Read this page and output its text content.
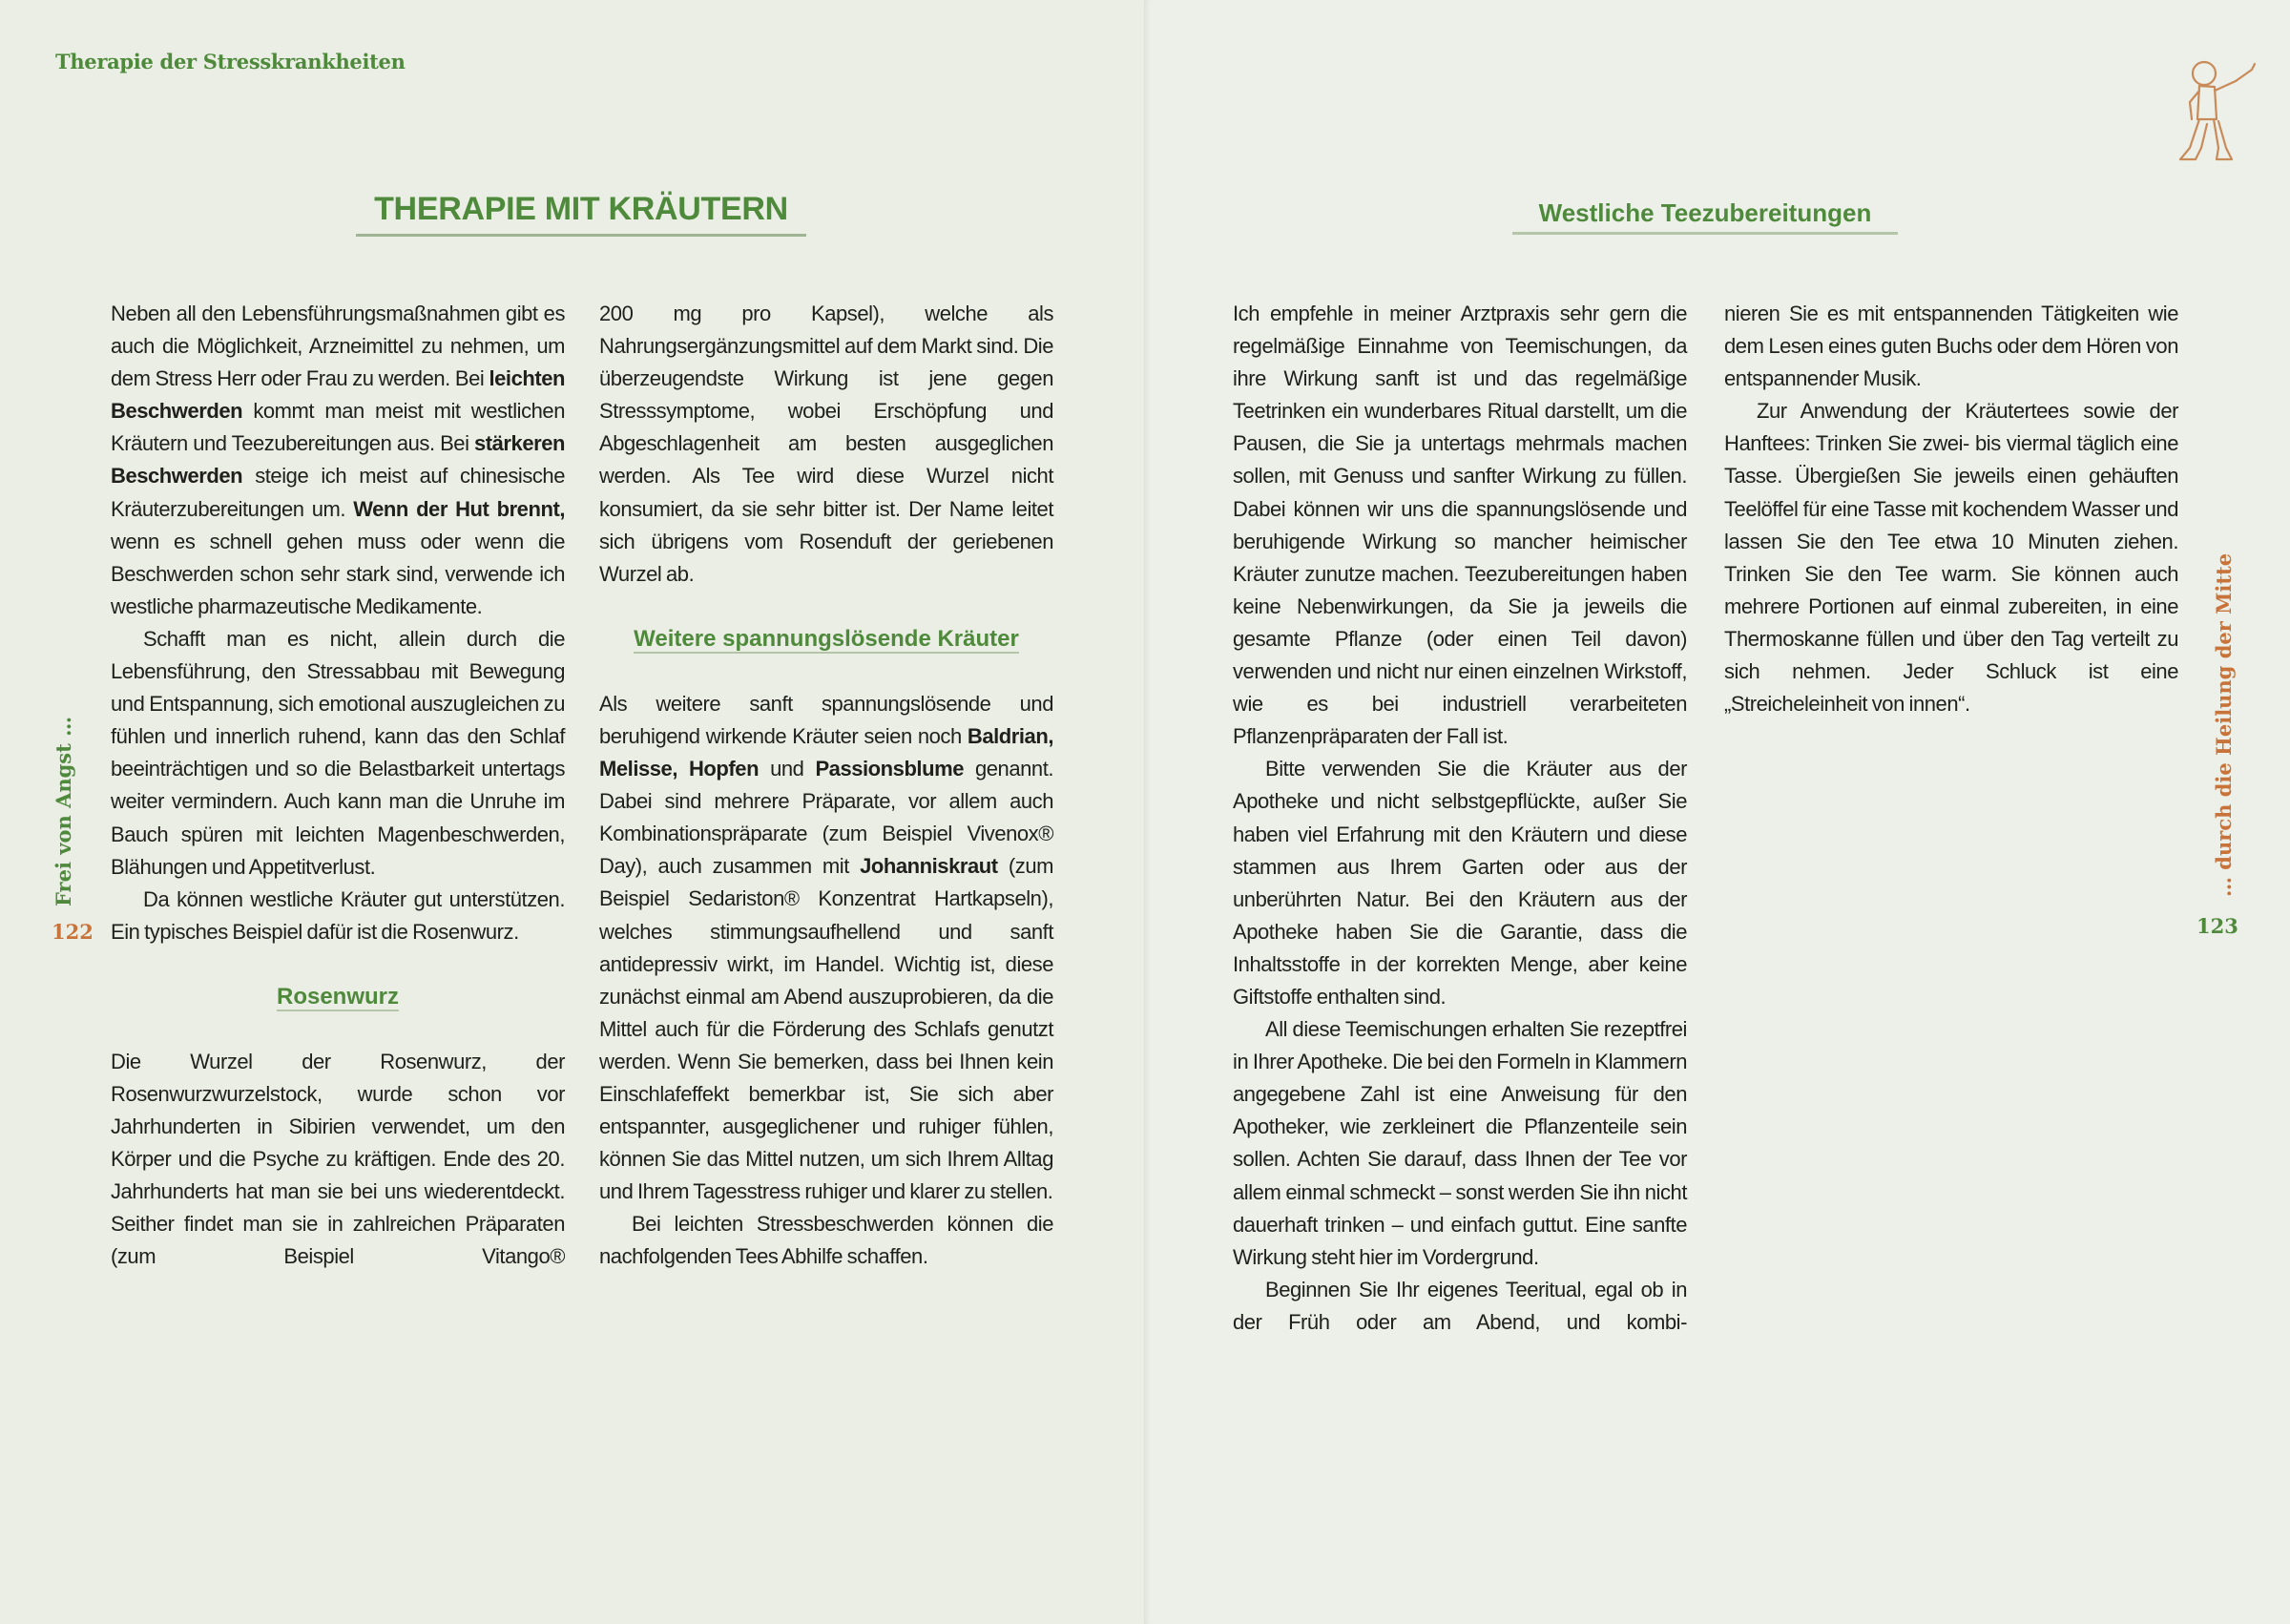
Therapie der Stresskrankheiten
THERAPIE MIT KRÄUTERN
Frei von Angst …
122
Westliche Teezubereitungen
… durch die Heilung der Mitte
123

Neben all den Lebensführungsmaßnahmen gibt es auch die Möglichkeit, Arzneimittel zu nehmen, um dem Stress Herr oder Frau zu werden. Bei leichten Beschwerden kommt man meist mit westlichen Kräutern und Teezubereitungen aus. Bei stärkeren Beschwerden steige ich meist auf chinesische Kräuterzubereitungen um. Wenn der Hut brennt, wenn es schnell gehen muss oder wenn die Beschwerden schon sehr stark sind, verwende ich westliche pharmazeutische Medikamente.

Schafft man es nicht, allein durch die Lebensführung, den Stressabbau mit Bewegung und Entspannung, sich emotional auszugleichen zu fühlen und innerlich ruhend, kann das den Schlaf beeinträchtigen und so die Belastbarkeit untertags weiter vermindern. Auch kann man die Unruhe im Bauch spüren mit leichten Magenbeschwerden, Blähungen und Appetitverlust.

Da können westliche Kräuter gut unterstützen. Ein typisches Beispiel dafür ist die Rosenwurz.

Rosenwurz

Die Wurzel der Rosenwurz, der Rosenwurzwurzelstock, wurde schon vor Jahrhunderten in Sibirien verwendet, um den Körper und die Psyche zu kräftigen. Ende des 20. Jahrhunderts hat man sie bei uns wiederentdeckt. Seither findet man sie in zahlreichen Präparaten (zum Beispiel Vitango®

200 mg pro Kapsel), welche als Nahrungsergänzungsmittel auf dem Markt sind. Die überzeugendste Wirkung ist jene gegen Stresssymptome, wobei Erschöpfung und Abgeschlagenheit am besten ausgeglichen werden. Als Tee wird diese Wurzel nicht konsumiert, da sie sehr bitter ist. Der Name leitet sich übrigens vom Rosenduft der geriebenen Wurzel ab.

Weitere spannungslösende Kräuter

Als weitere sanft spannungslösende und beruhigend wirkende Kräuter seien noch Baldrian, Melisse, Hopfen und Passionsblume genannt. Dabei sind mehrere Präparate, vor allem auch Kombinationspräparate (zum Beispiel Vivenox® Day), auch zusammen mit Johanniskraut (zum Beispiel Sedariston® Konzentrat Hartkapseln), welches stimmungsaufhellend und sanft antidepressiv wirkt, im Handel. Wichtig ist, diese zunächst einmal am Abend auszuprobieren, da die Mittel auch für die Förderung des Schlafs genutzt werden. Wenn Sie bemerken, dass bei Ihnen kein Einschlafeffekt bemerkbar ist, Sie sich aber entspannter, ausgeglichener und ruhiger fühlen, können Sie das Mittel nutzen, um sich Ihrem Alltag und Ihrem Tagesstress ruhiger und klarer zu stellen.

Bei leichten Stressbeschwerden können die nachfolgenden Tees Abhilfe schaffen.

Ich empfehle in meiner Arztpraxis sehr gern die regelmäßige Einnahme von Teemischungen, da ihre Wirkung sanft ist und das regelmäßige Teetrinken ein wunderbares Ritual darstellt, um die Pausen, die Sie ja untertags mehrmals machen sollen, mit Genuss und sanfter Wirkung zu füllen. Dabei können wir uns die spannungslösende und beruhigende Wirkung so mancher heimischer Kräuter zunutze machen. Teezubereitungen haben keine Nebenwirkungen, da Sie ja jeweils die gesamte Pflanze (oder einen Teil davon) verwenden und nicht nur einen einzelnen Wirkstoff, wie es bei industriell verarbeiteten Pflanzenpräparaten der Fall ist.

Bitte verwenden Sie die Kräuter aus der Apotheke und nicht selbstgepflückte, außer Sie haben viel Erfahrung mit den Kräutern und diese stammen aus Ihrem Garten oder aus der unberührten Natur. Bei den Kräutern aus der Apotheke haben Sie die Garantie, dass die Inhaltsstoffe in der korrekten Menge, aber keine Giftstoffe enthalten sind.

All diese Teemischungen erhalten Sie rezeptfrei in Ihrer Apotheke. Die bei den Formeln in Klammern angegebene Zahl ist eine Anweisung für den Apotheker, wie zerkleinert die Pflanzenteile sein sollen. Achten Sie darauf, dass Ihnen der Tee vor allem einmal schmeckt – sonst werden Sie ihn nicht dauerhaft trinken – und einfach guttut. Eine sanfte Wirkung steht hier im Vordergrund.

Beginnen Sie Ihr eigenes Teeritual, egal ob in der Früh oder am Abend, und kombi-

nieren Sie es mit entspannenden Tätigkeiten wie dem Lesen eines guten Buchs oder dem Hören von entspannender Musik.

Zur Anwendung der Kräutertees sowie der Hanftees: Trinken Sie zwei- bis viermal täglich eine Tasse. Übergießen Sie jeweils einen gehäuften Teelöffel für eine Tasse mit kochendem Wasser und lassen Sie den Tee etwa 10 Minuten ziehen. Trinken Sie den Tee warm. Sie können auch mehrere Portionen auf einmal zubereiten, in eine Thermoskanne füllen und über den Tag verteilt zu sich nehmen. Jeder Schluck ist eine „Streicheleinheit von innen“.
